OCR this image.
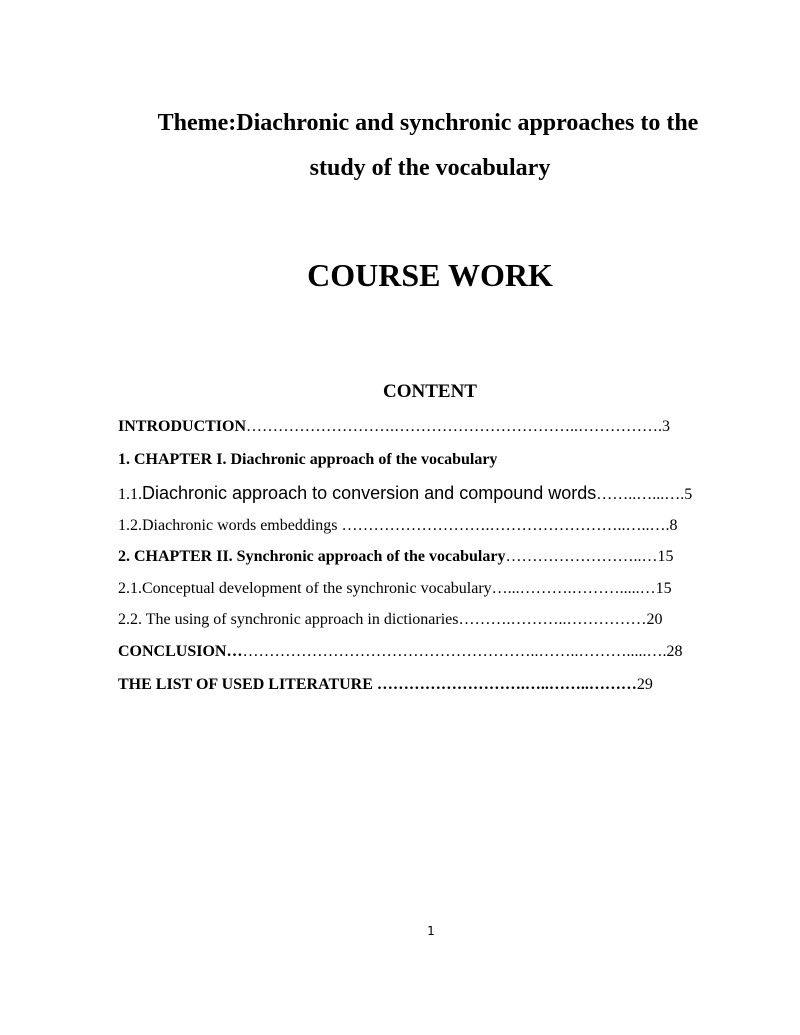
Theme:Diachronic and synchronic approaches to the
study of the vocabulary
COURSE WORK
CONTENT
INTRODUCTION……………………….……………………………..…………….3
1. CHAPTER I. Diachronic approach of the vocabulary
1.1.Diachronic approach to conversion and compound words……..…...….5
1.2.Diachronic words embeddings ……………………….……………………..…..….8
2. CHAPTER II. Synchronic approach of the vocabulary……………………..…15
2.1.Conceptual development of the synchronic vocabulary…...……….……….....…15
2.2. The using of synchronic approach in dictionaries……….………..……………20
CONCLUSION…………………………………………………..……..……….....….28
THE LIST OF USED LITERATURE ……………………….…..……..………29
1
